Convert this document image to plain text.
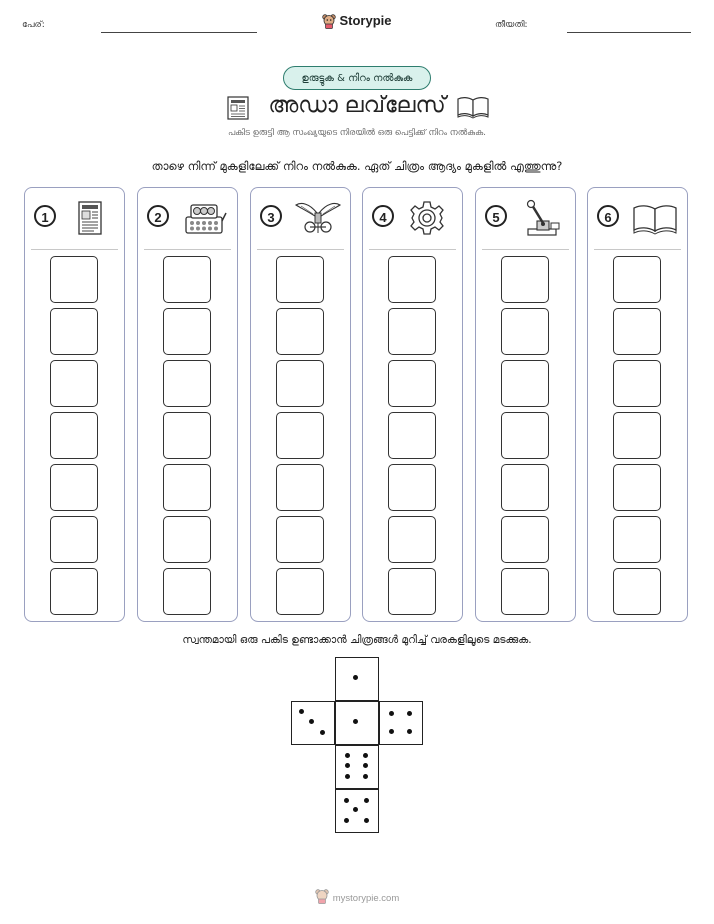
പേര്:	Storypie	തീയതി:
ഉരുട്ടുക & നിറം നൽകുക
അഡാ ലവ്‌ലേസ്
പകിട ഉരുട്ടി ആ സംഖ്യയുടെ നിരയിൽ ഒരു പെട്ടിക്ക് നിറം നൽകുക.
താഴെ നിന്ന് മുകളിലേക്ക് നിറം നൽകുക. ഏത് ചിത്രം ആദ്യം മുകളിൽ എത്തുന്നു?
1	2	3	4	5	6
സ്വന്തമായി ഒരു പകിട ഉണ്ടാക്കാൻ ചിത്രങ്ങൾ മുറിച്ച് വരകളിലൂടെ മടക്കുക.
mystorypie.com
